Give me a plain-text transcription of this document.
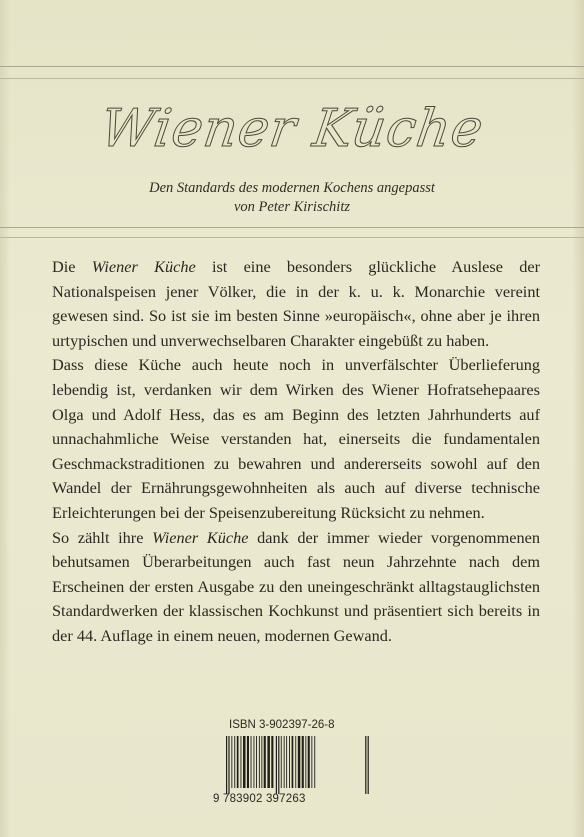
Wiener Küche
Den Standards des modernen Kochens angepasst
von Peter Kirischitz

Die Wiener Küche ist eine besonders glückliche Auslese der Nationalspeisen jener Völker, die in der k. u. k. Monarchie vereint gewesen sind. So ist sie im besten Sinne »europäisch«, ohne aber je ihren urtypischen und unverwechselbaren Charakter eingebüßt zu haben.

Dass diese Küche auch heute noch in unverfälschter Überlieferung lebendig ist, verdanken wir dem Wirken des Wiener Hofratsehepaares Olga und Adolf Hess, das es am Beginn des letzten Jahrhunderts auf unnachahmliche Weise verstanden hat, einerseits die fundamentalen Geschmackstraditionen zu bewahren und andererseits sowohl auf den Wandel der Ernährungsgewohnheiten als auch auf diverse technische Erleichterungen bei der Speisenzubereitung Rücksicht zu nehmen.

So zählt ihre Wiener Küche dank der immer wieder vorgenommenen behutsamen Überarbeitungen auch fast neun Jahrzehnte nach dem Erscheinen der ersten Ausgabe zu den uneingeschränkt alltagstauglichsten Standardwerken der klassischen Kochkunst und präsentiert sich bereits in der 44. Auflage in einem neuen, modernen Gewand.

ISBN 3-902397-26-8
9 783902 397263
